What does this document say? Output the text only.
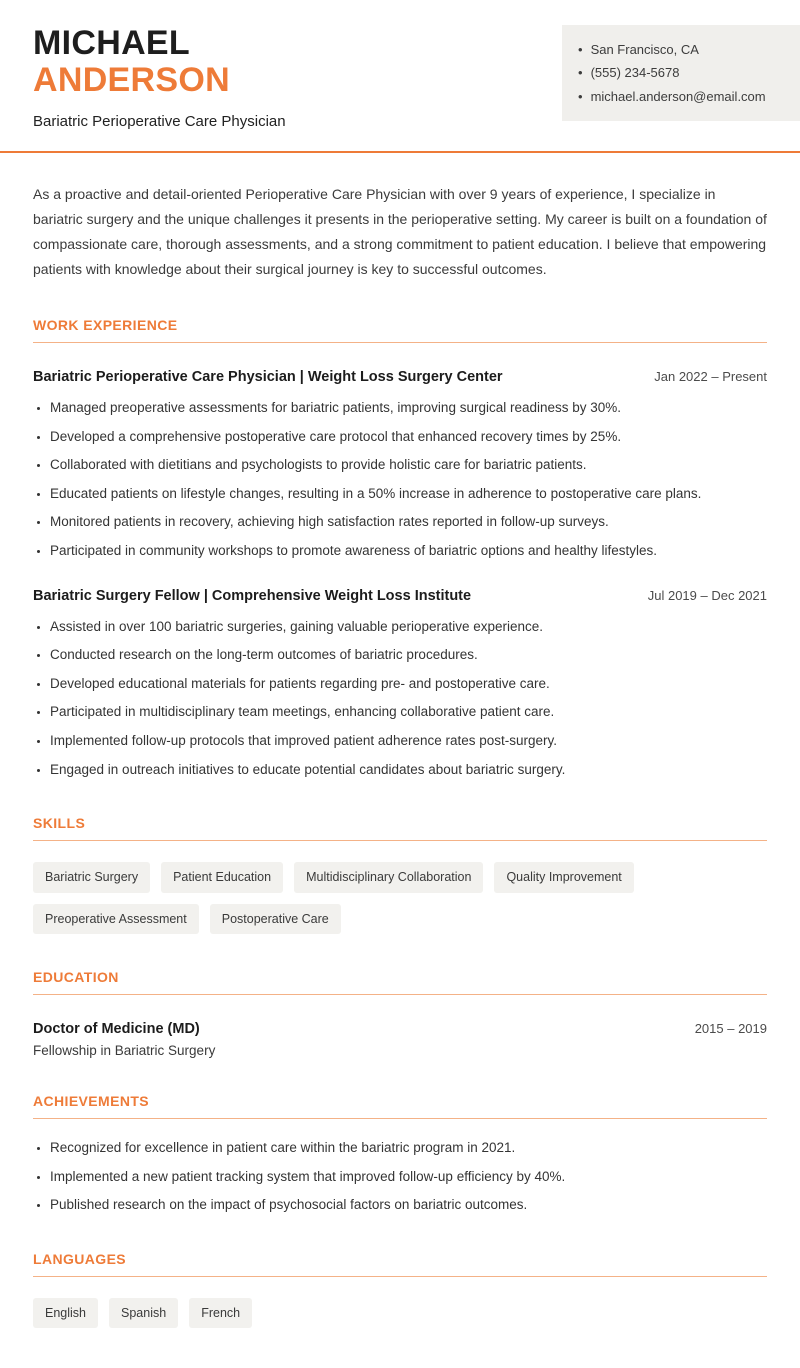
MICHAEL
ANDERSON
Bariatric Perioperative Care Physician
• San Francisco, CA
• (555) 234-5678
• michael.anderson@email.com

As a proactive and detail-oriented Perioperative Care Physician with over 9 years of experience, I specialize in bariatric surgery and the unique challenges it presents in the perioperative setting. My career is built on a foundation of compassionate care, thorough assessments, and a strong commitment to patient education. I believe that empowering patients with knowledge about their surgical journey is key to successful outcomes.

WORK EXPERIENCE
Bariatric Perioperative Care Physician | Weight Loss Surgery Center	Jan 2022 – Present
• Managed preoperative assessments for bariatric patients, improving surgical readiness by 30%.
• Developed a comprehensive postoperative care protocol that enhanced recovery times by 25%.
• Collaborated with dietitians and psychologists to provide holistic care for bariatric patients.
• Educated patients on lifestyle changes, resulting in a 50% increase in adherence to postoperative care plans.
• Monitored patients in recovery, achieving high satisfaction rates reported in follow-up surveys.
• Participated in community workshops to promote awareness of bariatric options and healthy lifestyles.
Bariatric Surgery Fellow | Comprehensive Weight Loss Institute	Jul 2019 – Dec 2021
• Assisted in over 100 bariatric surgeries, gaining valuable perioperative experience.
• Conducted research on the long-term outcomes of bariatric procedures.
• Developed educational materials for patients regarding pre- and postoperative care.
• Participated in multidisciplinary team meetings, enhancing collaborative patient care.
• Implemented follow-up protocols that improved patient adherence rates post-surgery.
• Engaged in outreach initiatives to educate potential candidates about bariatric surgery.
SKILLS
Bariatric Surgery	Patient Education	Multidisciplinary Collaboration	Quality Improvement
Preoperative Assessment	Postoperative Care
EDUCATION
Doctor of Medicine (MD)	2015 – 2019
Fellowship in Bariatric Surgery
ACHIEVEMENTS
• Recognized for excellence in patient care within the bariatric program in 2021.
• Implemented a new patient tracking system that improved follow-up efficiency by 40%.
• Published research on the impact of psychosocial factors on bariatric outcomes.
LANGUAGES
English	Spanish	French
